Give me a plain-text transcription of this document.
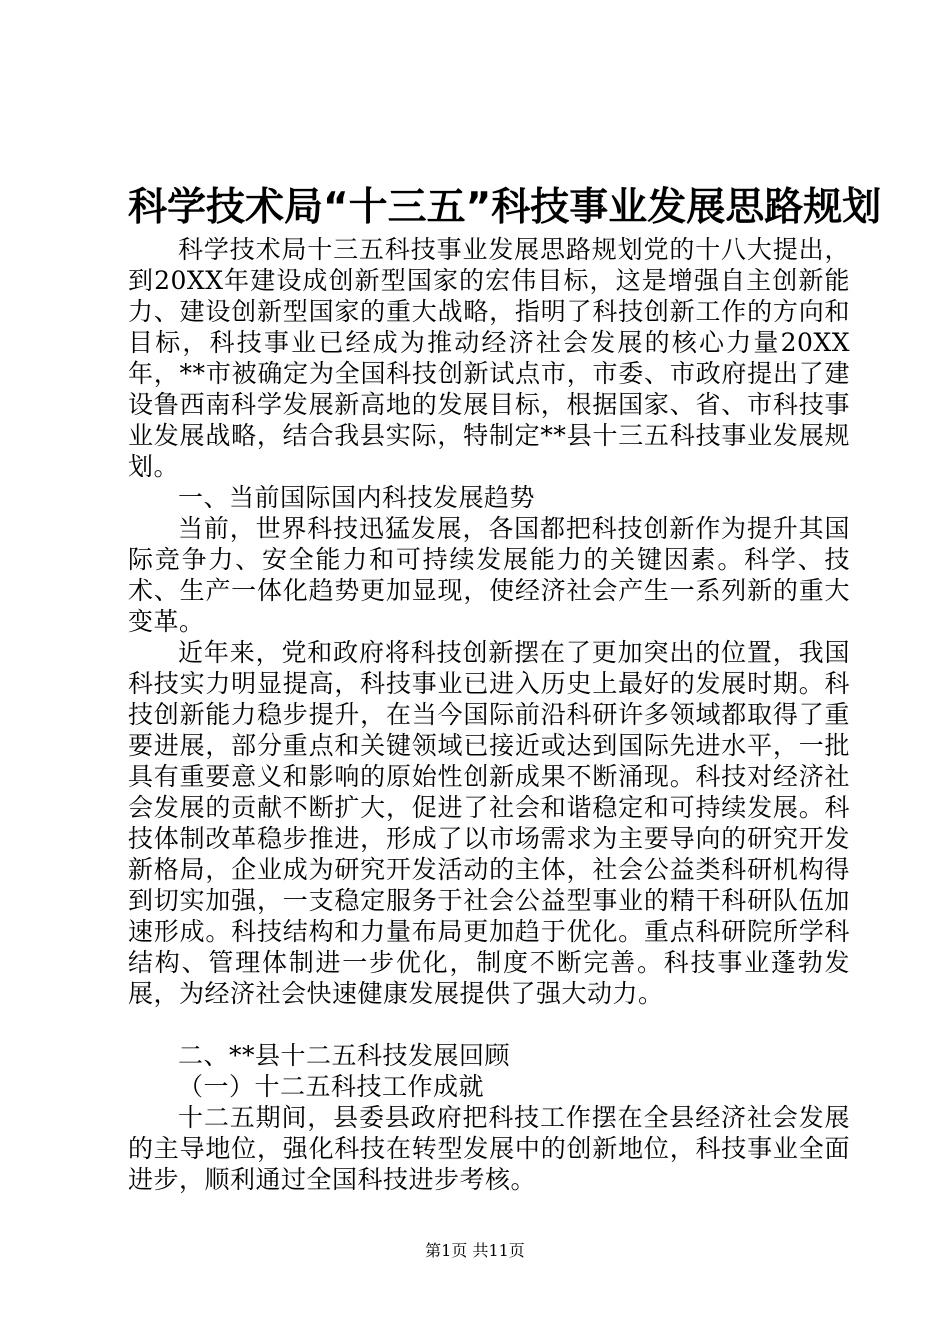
科学技术局“十三五”科技事业发展思路规划

科学技术局十三五科技事业发展思路规划党的十八大提出，到20XX年建设成创新型国家的宏伟目标，这是增强自主创新能力、建设创新型国家的重大战略，指明了科技创新工作的方向和目标，科技事业已经成为推动经济社会发展的核心力量20XX年，**市被确定为全国科技创新试点市，市委、市政府提出了建设鲁西南科学发展新高地的发展目标，根据国家、省、市科技事业发展战略，结合我县实际，特制定**县十三五科技事业发展规划。

一、当前国际国内科技发展趋势

当前，世界科技迅猛发展，各国都把科技创新作为提升其国际竞争力、安全能力和可持续发展能力的关键因素。科学、技术、生产一体化趋势更加显现，使经济社会产生一系列新的重大变革。

近年来，党和政府将科技创新摆在了更加突出的位置，我国科技实力明显提高，科技事业已进入历史上最好的发展时期。科技创新能力稳步提升，在当今国际前沿科研许多领域都取得了重要进展，部分重点和关键领域已接近或达到国际先进水平，一批具有重要意义和影响的原始性创新成果不断涌现。科技对经济社会发展的贡献不断扩大，促进了社会和谐稳定和可持续发展。科技体制改革稳步推进，形成了以市场需求为主要导向的研究开发新格局，企业成为研究开发活动的主体，社会公益类科研机构得到切实加强，一支稳定服务于社会公益型事业的精干科研队伍加速形成。科技结构和力量布局更加趋于优化。重点科研院所学科结构、管理体制进一步优化，制度不断完善。科技事业蓬勃发展，为经济社会快速健康发展提供了强大动力。

二、**县十二五科技发展回顾

（一）十二五科技工作成就

十二五期间，县委县政府把科技工作摆在全县经济社会发展的主导地位，强化科技在转型发展中的创新地位，科技事业全面进步，顺利通过全国科技进步考核。

第1页 共11页
